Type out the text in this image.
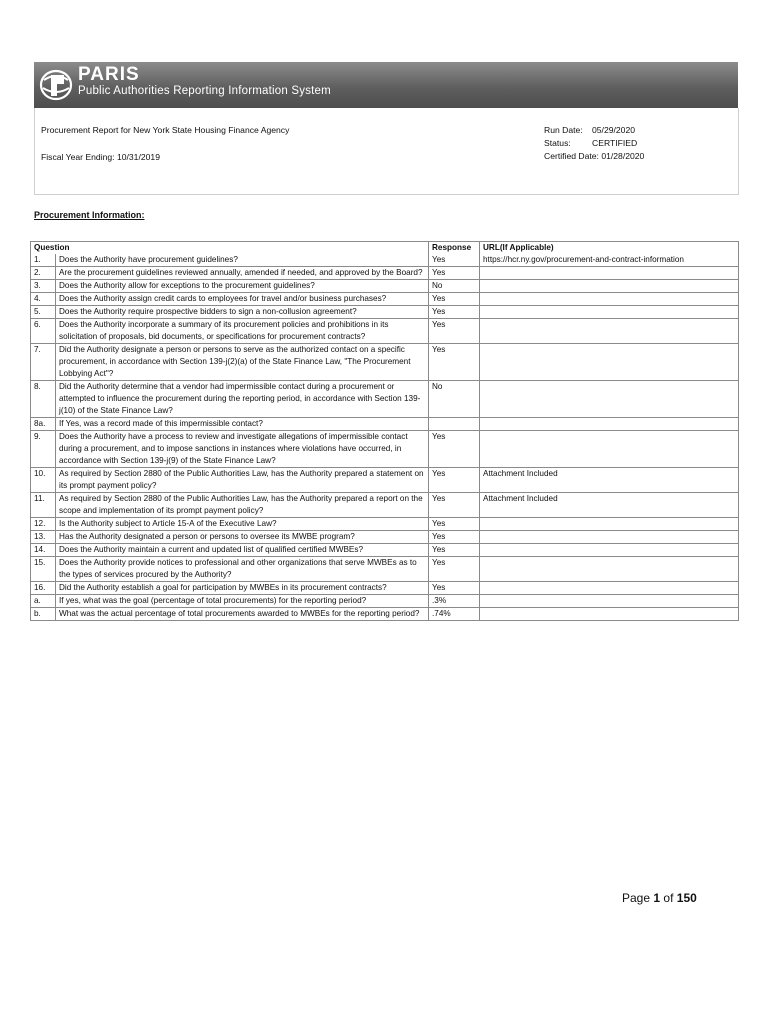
PARIS
Public Authorities Reporting Information System
Procurement Report for New York State Housing Finance Agency
Fiscal Year Ending: 10/31/2019
Run Date:	05/29/2020
Status:	CERTIFIED
Certified Date: 01/28/2020
Procurement Information:
Question		Response	URL(If Applicable)
1.	Does the Authority have procurement guidelines?	Yes	https://hcr.ny.gov/procurement-and-contract-information
2.	Are the procurement guidelines reviewed annually, amended if needed, and approved by the Board?	Yes	
3.	Does the Authority allow for exceptions to the procurement guidelines?	No	
4.	Does the Authority assign credit cards to employees for travel and/or business purchases?	Yes	
5.	Does the Authority require prospective bidders to sign a non-collusion agreement?	Yes	
6.	Does the Authority incorporate a summary of its procurement policies and prohibitions in its solicitation of proposals, bid documents, or specifications for procurement contracts?	Yes	
7.	Did the Authority designate a person or persons to serve as the authorized contact on a specific procurement, in accordance with Section 139-j(2)(a) of the State Finance Law, "The Procurement Lobbying Act"?	Yes	
8.	Did the Authority determine that a vendor had impermissible contact during a procurement or attempted to influence the procurement during the reporting period, in accordance with Section 139-j(10) of the State Finance Law?	No	
8a.	If Yes, was a record made of this impermissible contact?		
9.	Does the Authority have a process to review and investigate allegations of impermissible contact during a procurement, and to impose sanctions in instances where violations have occurred, in accordance with Section 139-j(9) of the State Finance Law?	Yes	
10.	As required by Section 2880 of the Public Authorities Law, has the Authority prepared a statement on its prompt payment policy?	Yes	Attachment Included
11.	As required by Section 2880 of the Public Authorities Law, has the Authority prepared a report on the scope and implementation of its prompt payment policy?	Yes	Attachment Included
12.	Is the Authority subject to Article 15-A of the Executive Law?	Yes	
13.	Has the Authority designated a person or persons to oversee its MWBE program?	Yes	
14.	Does the Authority maintain a current and updated list of qualified certified MWBEs?	Yes	
15.	Does the Authority provide notices to professional and other organizations that serve MWBEs as to the types of services procured by the Authority?	Yes	
16.	Did the Authority establish a goal for participation by MWBEs in its procurement contracts?	Yes	
a.	If yes, what was the goal (percentage of total procurements) for the reporting period?	.3%	
b.	What was the actual percentage of total procurements awarded to MWBEs for the reporting period?	.74%	
Page 1 of 150
